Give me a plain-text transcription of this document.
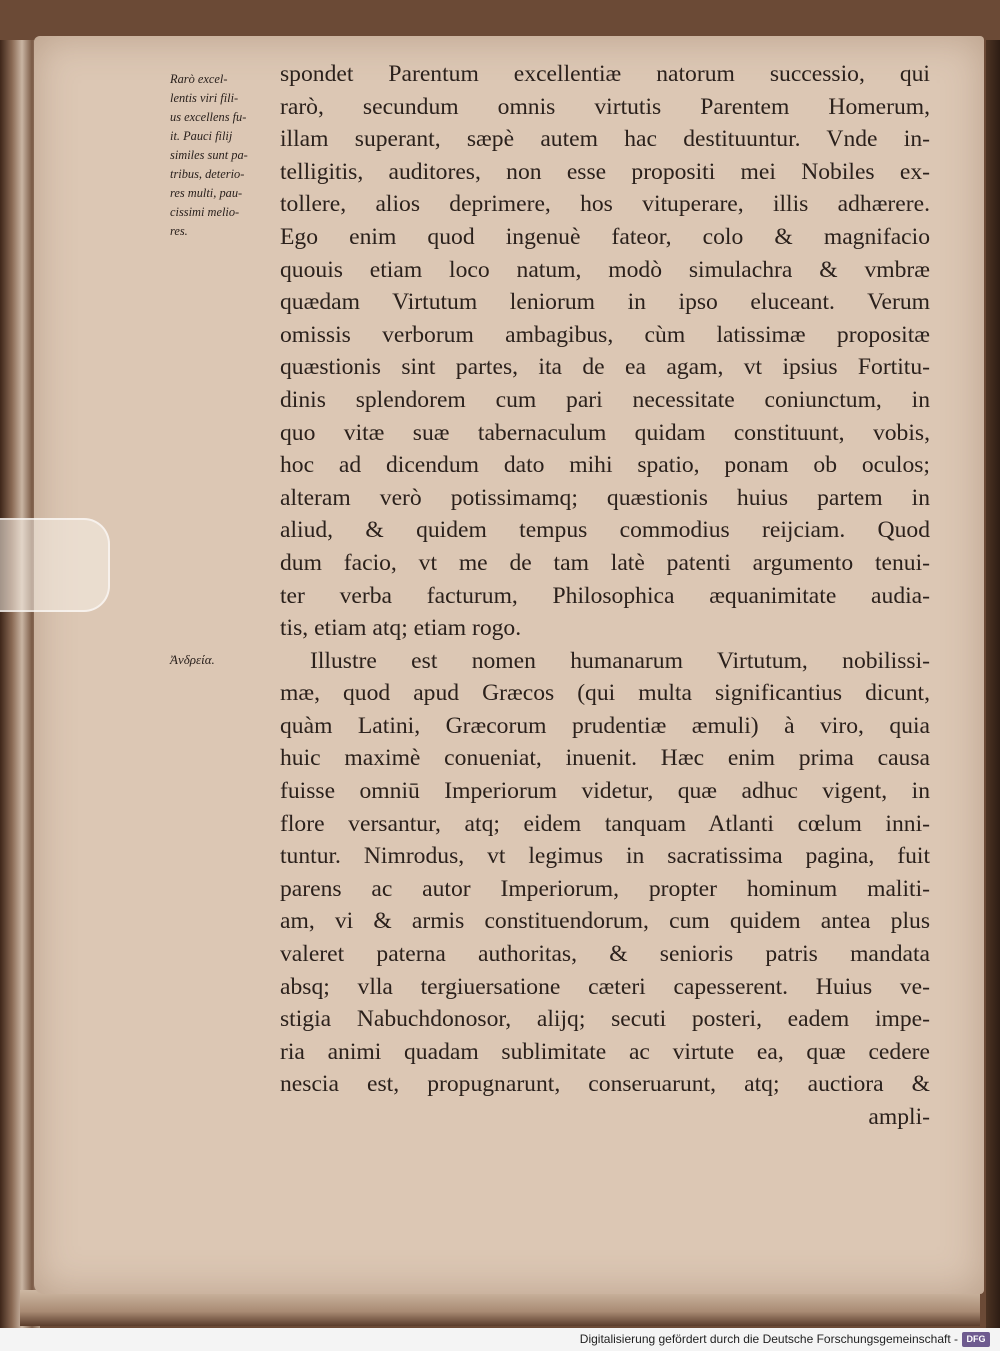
Rarò excel-
lentis viri fili-
us excellens fu-
it. Pauci filij
similes sunt pa-
tribus, deterio-
res multi, pau-
cissimi melio-
res.
Ἀνδρεία.
spondet Parentum excellentiæ natorum successio, qui
rarò, secundum omnis virtutis Parentem Homerum,
illam superant, sæpè autem hac destituuntur. Vnde in-
telligitis, auditores, non esse propositi mei Nobiles ex-
tollere, alios deprimere, hos vituperare, illis adhærere.
Ego enim quod ingenuè fateor, colo & magnifacio
quouis etiam loco natum, modò simulachra & vmbræ
quædam Virtutum leniorum in ipso eluceant. Verum
omissis verborum ambagibus, cùm latissimæ propositæ
quæstionis sint partes, ita de ea agam, vt ipsius Fortitu-
dinis splendorem cum pari necessitate coniunctum, in
quo vitæ suæ tabernaculum quidam constituunt, vobis,
hoc ad dicendum dato mihi spatio, ponam ob oculos;
alteram verò potissimamq; quæstionis huius partem in
aliud, & quidem tempus commodius reijciam. Quod
dum facio, vt me de tam latè patenti argumento tenui-
ter verba facturum, Philosophica æquanimitate audia-
tis, etiam atq; etiam rogo.
Illustre est nomen humanarum Virtutum, nobilissi-
mæ, quod apud Græcos (qui multa significantius dicunt,
quàm Latini, Græcorum prudentiæ æmuli) à viro, quia
huic maximè conueniat, inuenit. Hæc enim prima causa
fuisse omniū Imperiorum videtur, quæ adhuc vigent, in
flore versantur, atq; eidem tanquam Atlanti cœlum inni-
tuntur. Nimrodus, vt legimus in sacratissima pagina, fuit
parens ac autor Imperiorum, propter hominum maliti-
am, vi & armis constituendorum, cum quidem antea plus
valeret paterna authoritas, & senioris patris mandata
absq; vlla tergiuersatione cæteri capesserent. Huius ve-
stigia Nabuchdonosor, alijq; secuti posteri, eadem impe-
ria animi quadam sublimitate ac virtute ea, quæ cedere
nescia est, propugnarunt, conseruarunt, atq; auctiora &
ampli-
Digitalisierung gefördert durch die Deutsche Forschungsgemeinschaft - DFG
